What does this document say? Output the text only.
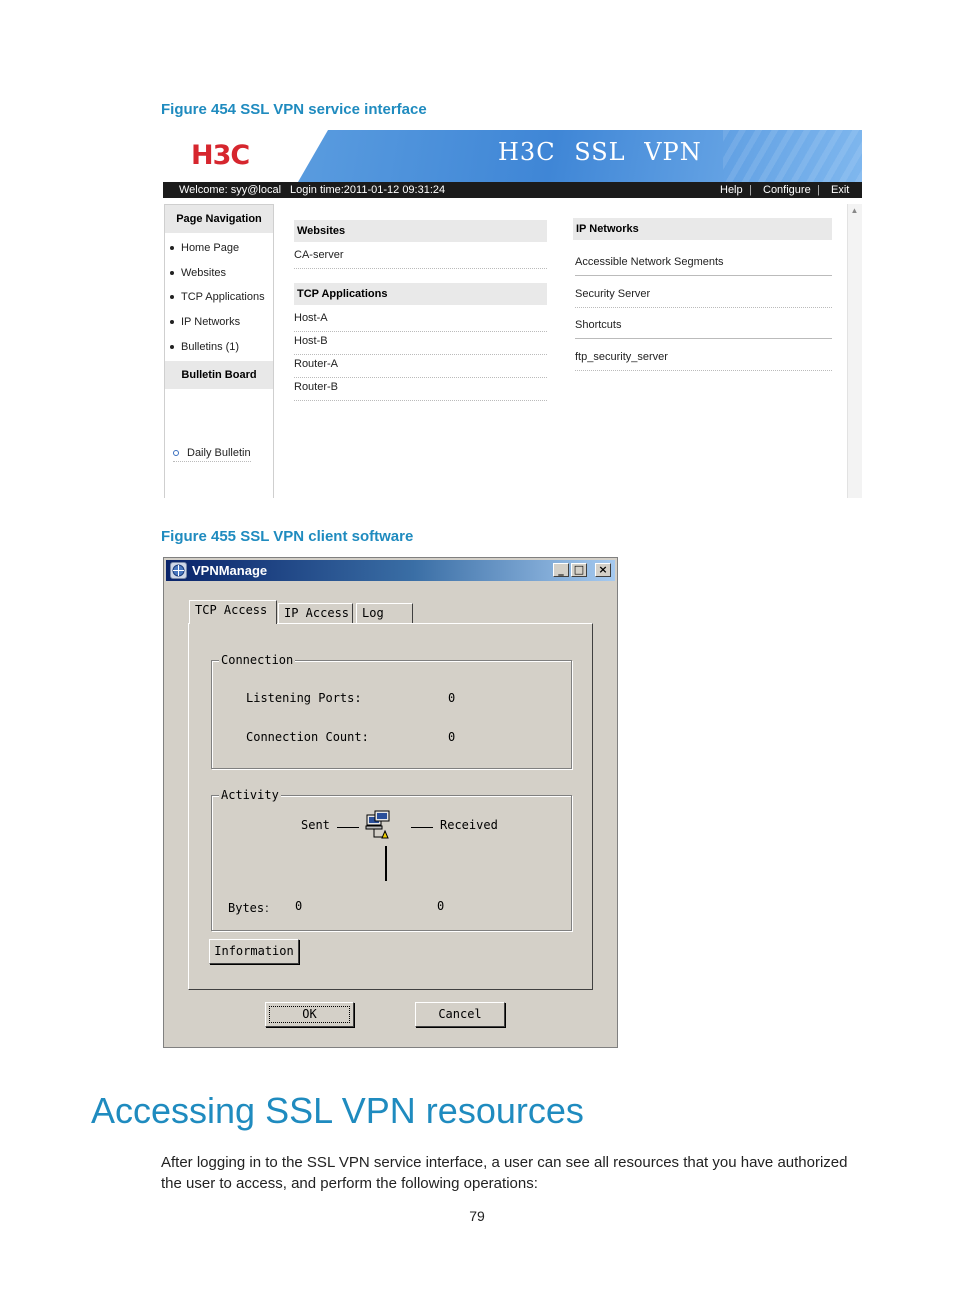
Figure 454 SSL VPN service interface
H3C	H3C SSL VPN
Welcome: syy@local Login time:2011-01-12 09:31:24	Help | Configure | Exit
Page Navigation
Home Page
Websites
TCP Applications
IP Networks
Bulletins (1)
Bulletin Board
Daily Bulletin
Websites
CA-server
TCP Applications
Host-A
Host-B
Router-A
Router-B
IP Networks
Accessible Network Segments
Security Server
Shortcuts
ftp_security_server
▲
Figure 455 SSL VPN client software
VPNManage	_ □	×
TCP Access	IP Access	Log
Connection
Listening Ports:	0
Connection Count:	0
Activity
Sent	Received
Bytes： 0	0
Information
OK	Cancel
Accessing SSL VPN resources
After logging in to the SSL VPN service interface, a user can see all resources that you have authorized the user to access, and perform the following operations:
79
